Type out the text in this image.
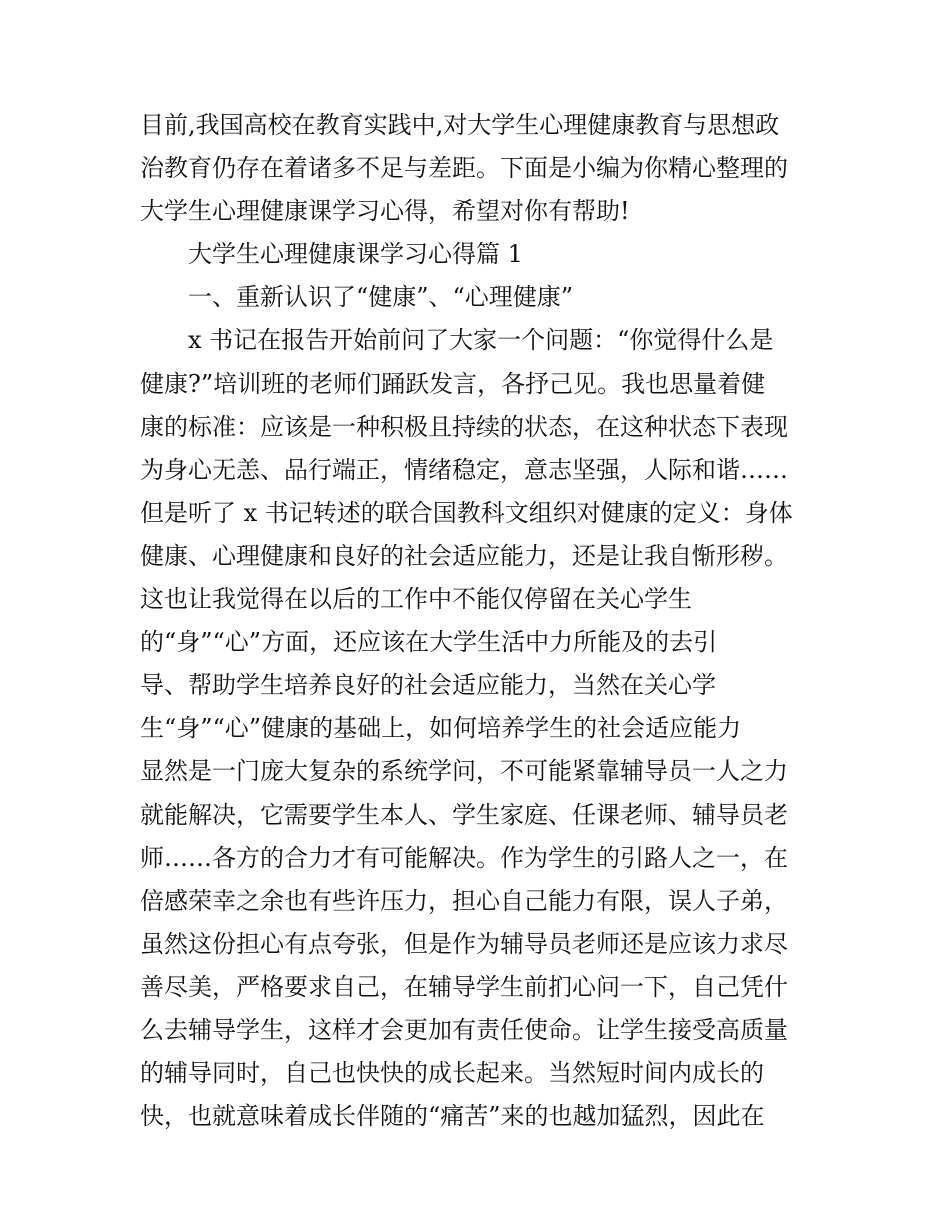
目前,我国高校在教育实践中,对大学生心理健康教育与思想政
治教育仍存在着诸多不足与差距。下面是小编为你精心整理的
大学生心理健康课学习心得，希望对你有帮助!
大学生心理健康课学习心得篇 1
一、重新认识了“健康”、“心理健康”
x 书记在报告开始前问了大家一个问题：“你觉得什么是
健康?”培训班的老师们踊跃发言，各抒己见。我也思量着健
康的标准：应该是一种积极且持续的状态，在这种状态下表现
为身心无恙、品行端正，情绪稳定，意志坚强，人际和谐……
但是听了 x 书记转述的联合国教科文组织对健康的定义：身体
健康、心理健康和良好的社会适应能力，还是让我自惭形秽。
这也让我觉得在以后的工作中不能仅停留在关心学生
的“身”“心”方面，还应该在大学生活中力所能及的去引
导、帮助学生培养良好的社会适应能力，当然在关心学
生“身”“心”健康的基础上，如何培养学生的社会适应能力
显然是一门庞大复杂的系统学问，不可能紧靠辅导员一人之力
就能解决，它需要学生本人、学生家庭、任课老师、辅导员老
师……各方的合力才有可能解决。作为学生的引路人之一，在
倍感荣幸之余也有些许压力，担心自己能力有限，误人子弟，
虽然这份担心有点夸张，但是作为辅导员老师还是应该力求尽
善尽美，严格要求自己，在辅导学生前扪心问一下，自己凭什
么去辅导学生，这样才会更加有责任使命。让学生接受高质量
的辅导同时，自己也快快的成长起来。当然短时间内成长的
快，也就意味着成长伴随的“痛苦”来的也越加猛烈，因此在
